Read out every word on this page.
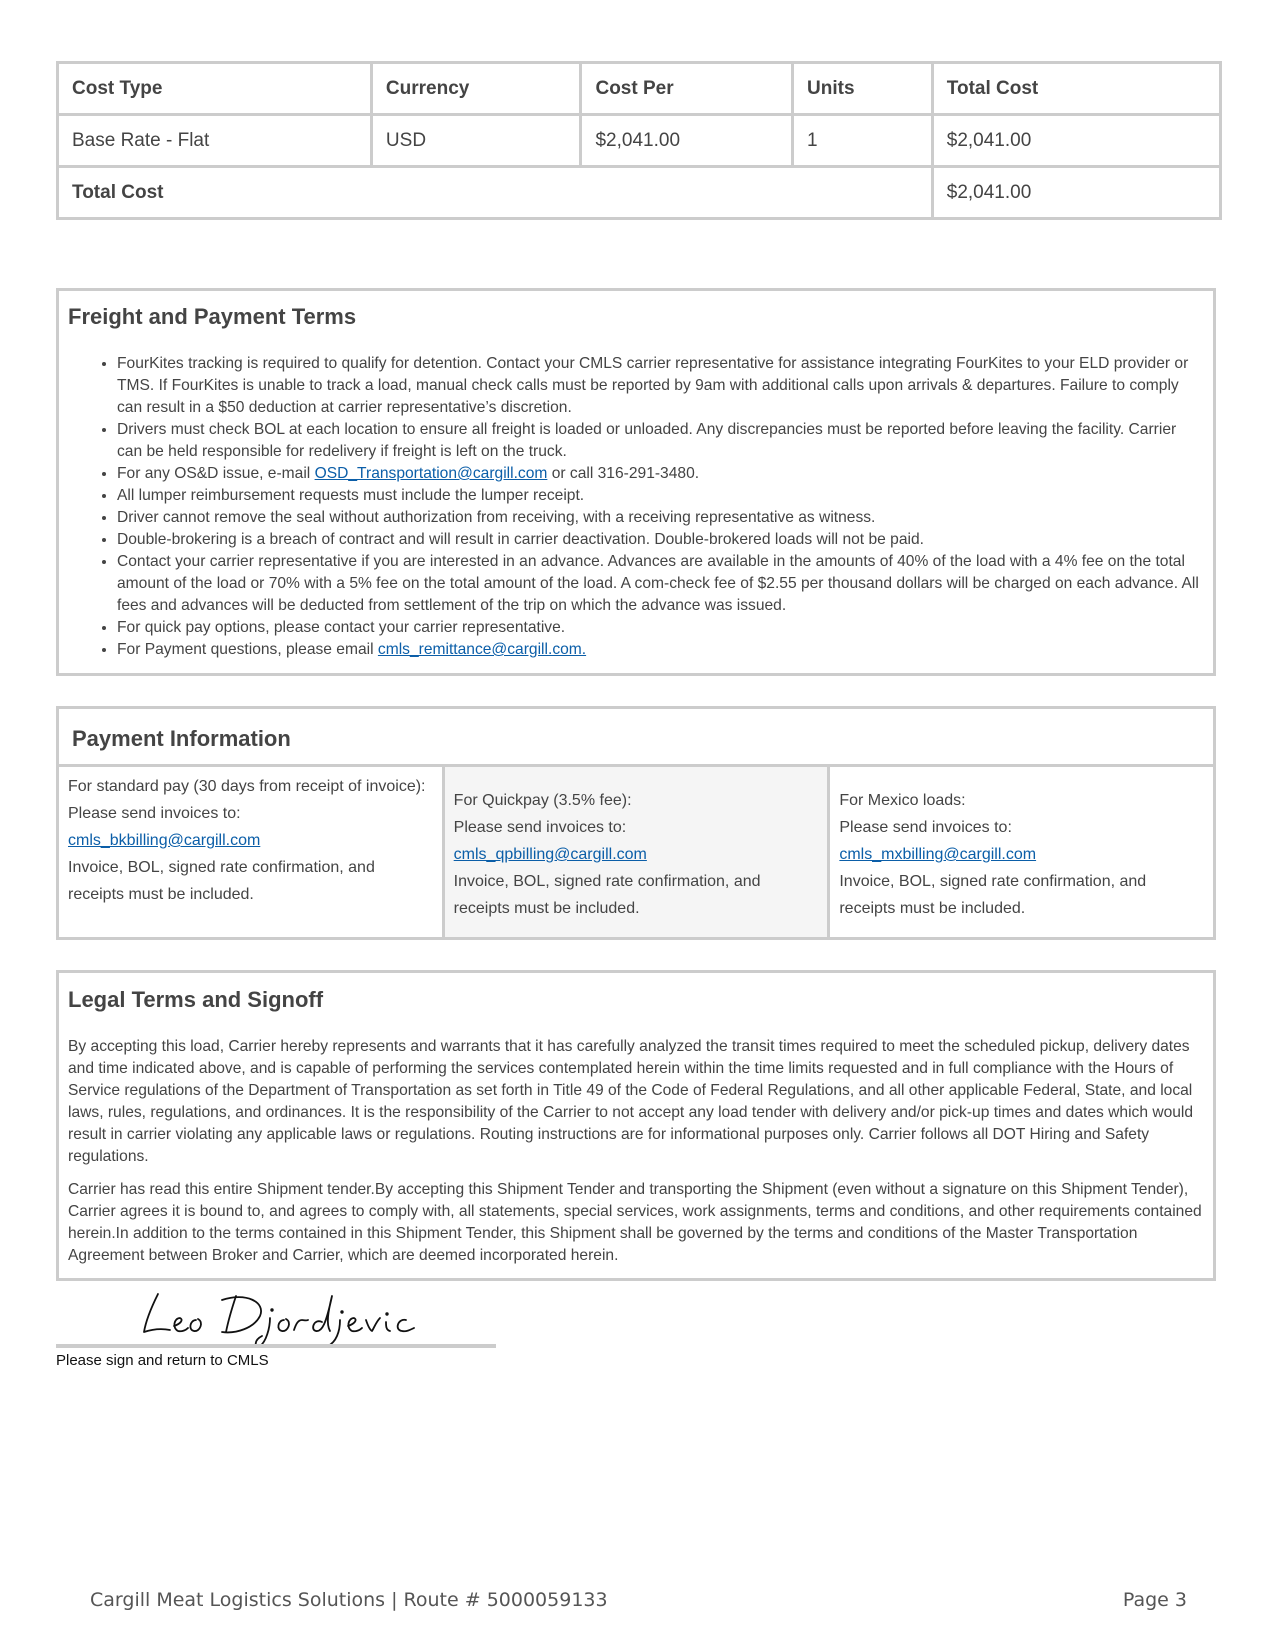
Cost Type	Currency	Cost Per	Units	Total Cost
Base Rate - Flat	USD	$2,041.00	1	$2,041.00
Total Cost				$2,041.00
Freight and Payment Terms
• FourKites tracking is required to qualify for detention. Contact your CMLS carrier representative for assistance integrating FourKites to your ELD provider or TMS. If FourKites is unable to track a load, manual check calls must be reported by 9am with additional calls upon arrivals & departures. Failure to comply can result in a $50 deduction at carrier representative’s discretion.
• Drivers must check BOL at each location to ensure all freight is loaded or unloaded. Any discrepancies must be reported before leaving the facility. Carrier can be held responsible for redelivery if freight is left on the truck.
• For any OS&D issue, e-mail OSD_Transportation@cargill.com or call 316-291-3480.
• All lumper reimbursement requests must include the lumper receipt.
• Driver cannot remove the seal without authorization from receiving, with a receiving representative as witness.
• Double-brokering is a breach of contract and will result in carrier deactivation. Double-brokered loads will not be paid.
• Contact your carrier representative if you are interested in an advance. Advances are available in the amounts of 40% of the load with a 4% fee on the total amount of the load or 70% with a 5% fee on the total amount of the load. A com-check fee of $2.55 per thousand dollars will be charged on each advance. All fees and advances will be deducted from settlement of the trip on which the advance was issued.
• For quick pay options, please contact your carrier representative.
• For Payment questions, please email cmls_remittance@cargill.com.
Payment Information
For standard pay (30 days from receipt of invoice):
Please send invoices to:
cmls_bkbilling@cargill.com
Invoice, BOL, signed rate confirmation, and receipts must be included.
For Quickpay (3.5% fee):
Please send invoices to:
cmls_qpbilling@cargill.com
Invoice, BOL, signed rate confirmation, and receipts must be included.
For Mexico loads:
Please send invoices to:
cmls_mxbilling@cargill.com
Invoice, BOL, signed rate confirmation, and receipts must be included.
Legal Terms and Signoff

By accepting this load, Carrier hereby represents and warrants that it has carefully analyzed the transit times required to meet the scheduled pickup, delivery dates and time indicated above, and is capable of performing the services contemplated herein within the time limits requested and in full compliance with the Hours of Service regulations of the Department of Transportation as set forth in Title 49 of the Code of Federal Regulations, and all other applicable Federal, State, and local laws, rules, regulations, and ordinances. It is the responsibility of the Carrier to not accept any load tender with delivery and/or pick-up times and dates which would result in carrier violating any applicable laws or regulations. Routing instructions are for informational purposes only. Carrier follows all DOT Hiring and Safety regulations.

Carrier has read this entire Shipment tender.By accepting this Shipment Tender and transporting the Shipment (even without a signature on this Shipment Tender), Carrier agrees it is bound to, and agrees to comply with, all statements, special services, work assignments, terms and conditions, and other requirements contained herein.In addition to the terms contained in this Shipment Tender, this Shipment shall be governed by the terms and conditions of the Master Transportation Agreement between Broker and Carrier, which are deemed incorporated herein.

Please sign and return to CMLS
Cargill Meat Logistics Solutions | Route # 5000059133	Page 3
